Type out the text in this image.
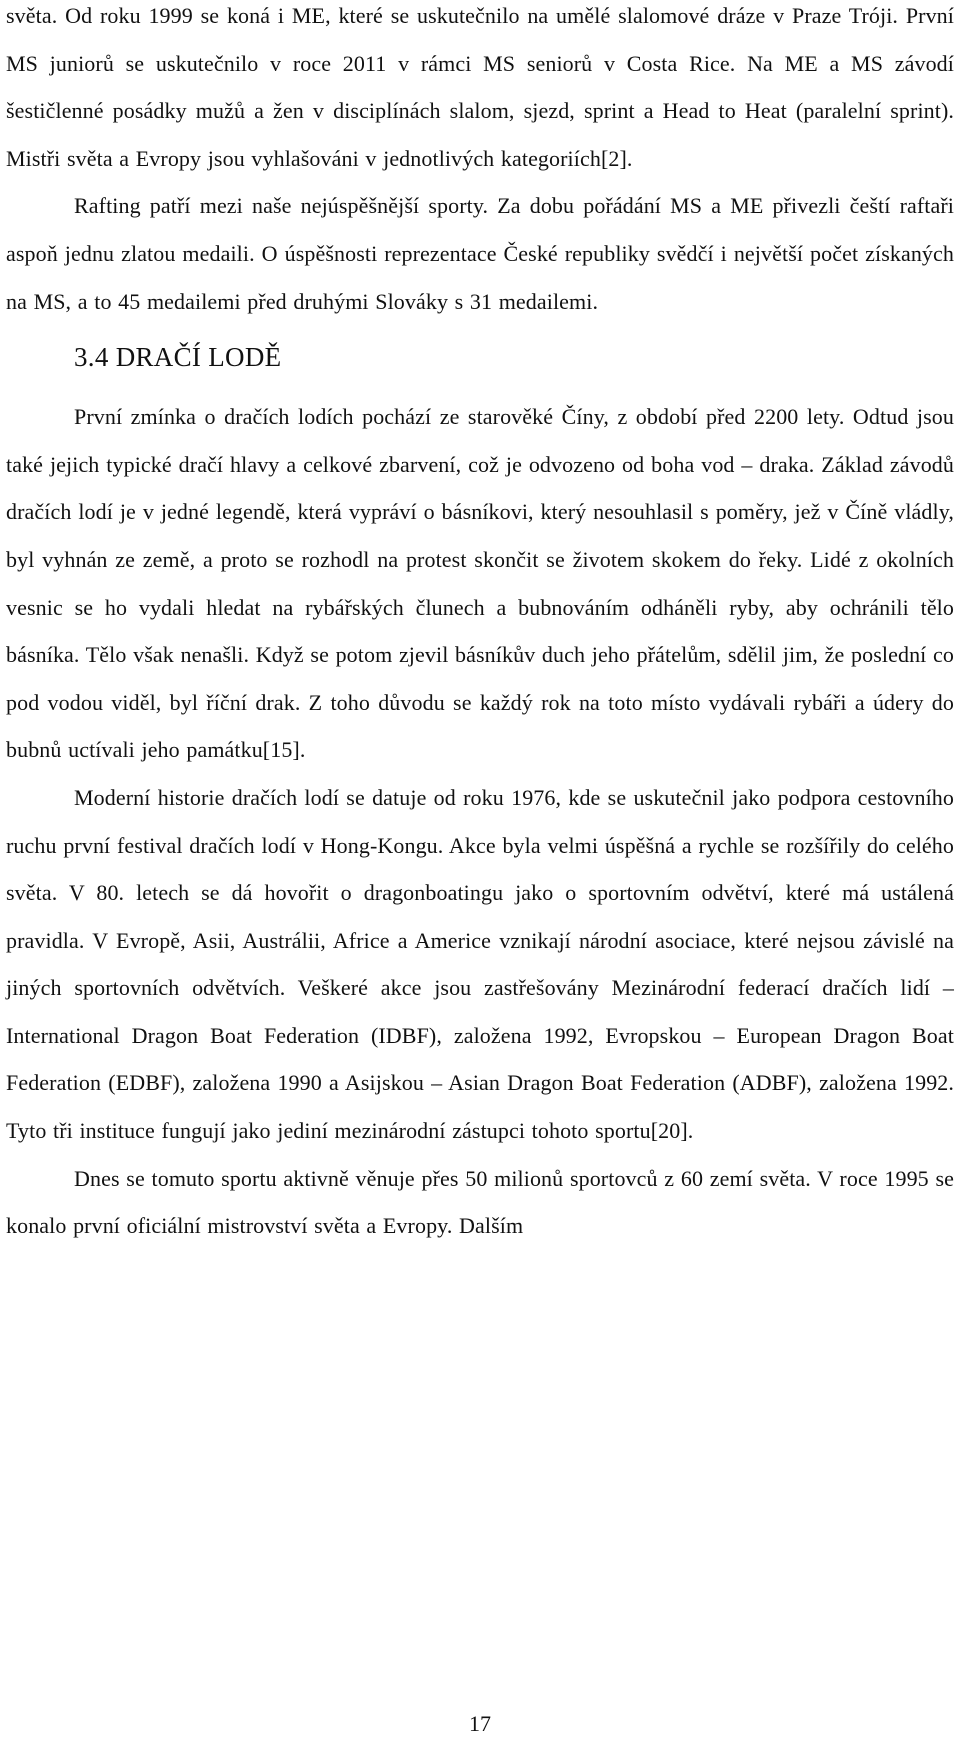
světa. Od roku 1999 se koná i ME, které se uskutečnilo na umělé slalomové dráze v Praze Tróji. První MS juniorů se uskutečnilo v roce 2011 v rámci MS seniorů v Costa Rice. Na ME a MS závodí šestičlenné posádky mužů a žen v disciplínách slalom, sjezd, sprint a Head to Heat (paralelní sprint). Mistři světa a Evropy jsou vyhlašováni v jednotlivých kategoriích[2].

Rafting patří mezi naše nejúspěšnější sporty. Za dobu pořádání MS a ME přivezli čeští raftaři aspoň jednu zlatou medaili. O úspěšnosti reprezentace České republiky svědčí i největší počet získaných na MS, a to 45 medailemi před druhými Slováky s 31 medailemi.

3.4 DRAČÍ LODĚ

První zmínka o dračích lodích pochází ze starověké Číny, z období před 2200 lety. Odtud jsou také jejich typické dračí hlavy a celkové zbarvení, což je odvozeno od boha vod – draka. Základ závodů dračích lodí je v jedné legendě, která vypráví o básníkovi, který nesouhlasil s poměry, jež v Číně vládly, byl vyhnán ze země, a proto se rozhodl na protest skončit se životem skokem do řeky. Lidé z okolních vesnic se ho vydali hledat na rybářských člunech a bubnováním odháněli ryby, aby ochránili tělo básníka. Tělo však nenašli. Když se potom zjevil básníkův duch jeho přátelům, sdělil jim, že poslední co pod vodou viděl, byl říční drak. Z toho důvodu se každý rok na toto místo vydávali rybáři a údery do bubnů uctívali jeho památku[15].

Moderní historie dračích lodí se datuje od roku 1976, kde se uskutečnil jako podpora cestovního ruchu první festival dračích lodí v Hong-Kongu. Akce byla velmi úspěšná a rychle se rozšířily do celého světa. V 80. letech se dá hovořit o dragonboatingu jako o sportovním odvětví, které má ustálená pravidla. V Evropě, Asii, Austrálii, Africe a Americe vznikají národní asociace, které nejsou závislé na jiných sportovních odvětvích. Veškeré akce jsou zastřešovány Mezinárodní federací dračích lidí – International Dragon Boat Federation (IDBF), založena 1992, Evropskou – European Dragon Boat Federation (EDBF), založena 1990 a Asijskou – Asian Dragon Boat Federation (ADBF), založena 1992. Tyto tři instituce fungují jako jediní mezinárodní zástupci tohoto sportu[20].

Dnes se tomuto sportu aktivně věnuje přes 50 milionů sportovců z 60 zemí světa. V roce 1995 se konalo první oficiální mistrovství světa a Evropy. Dalším

17
